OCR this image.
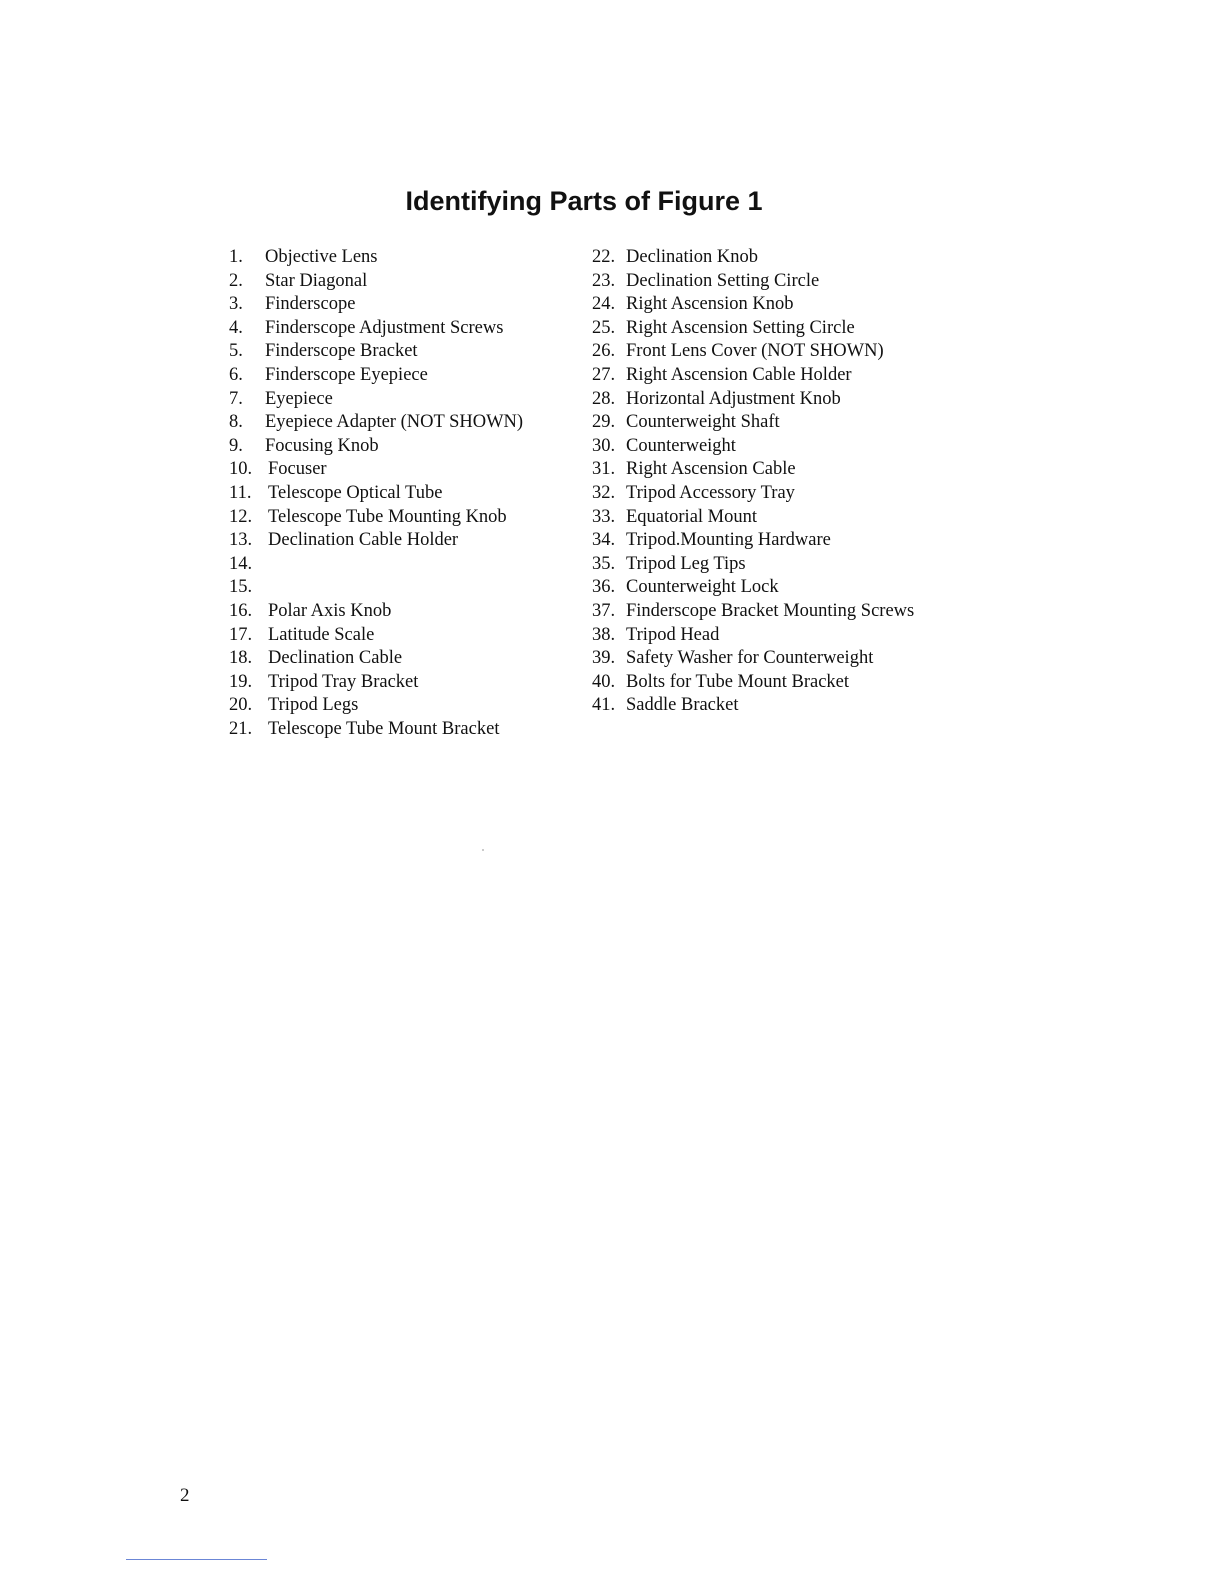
Identifying Parts of Figure 1
1.	Objective Lens
2.	Star Diagonal
3.	Finderscope
4.	Finderscope Adjustment Screws
5.	Finderscope Bracket
6.	Finderscope Eyepiece
7.	Eyepiece
8.	Eyepiece Adapter (NOT SHOWN)
9.	Focusing Knob
10. Focuser
11. Telescope Optical Tube
12. Telescope Tube Mounting Knob
13. Declination Cable Holder
14.
15.
16. Polar Axis Knob
17. Latitude Scale
18. Declination Cable
19. Tripod Tray Bracket
20. Tripod Legs
21. Telescope Tube Mount Bracket
22. Declination Knob
23. Declination Setting Circle
24. Right Ascension Knob
25. Right Ascension Setting Circle
26. Front Lens Cover (NOT SHOWN)
27. Right Ascension Cable Holder
28. Horizontal Adjustment Knob
29. Counterweight Shaft
30. Counterweight
31. Right Ascension Cable
32. Tripod Accessory Tray
33. Equatorial Mount
34. Tripod.Mounting Hardware
35. Tripod Leg Tips
36. Counterweight Lock
37. Finderscope Bracket Mounting Screws
38. Tripod Head
39. Safety Washer for Counterweight
40. Bolts for Tube Mount Bracket
41. Saddle Bracket
2
